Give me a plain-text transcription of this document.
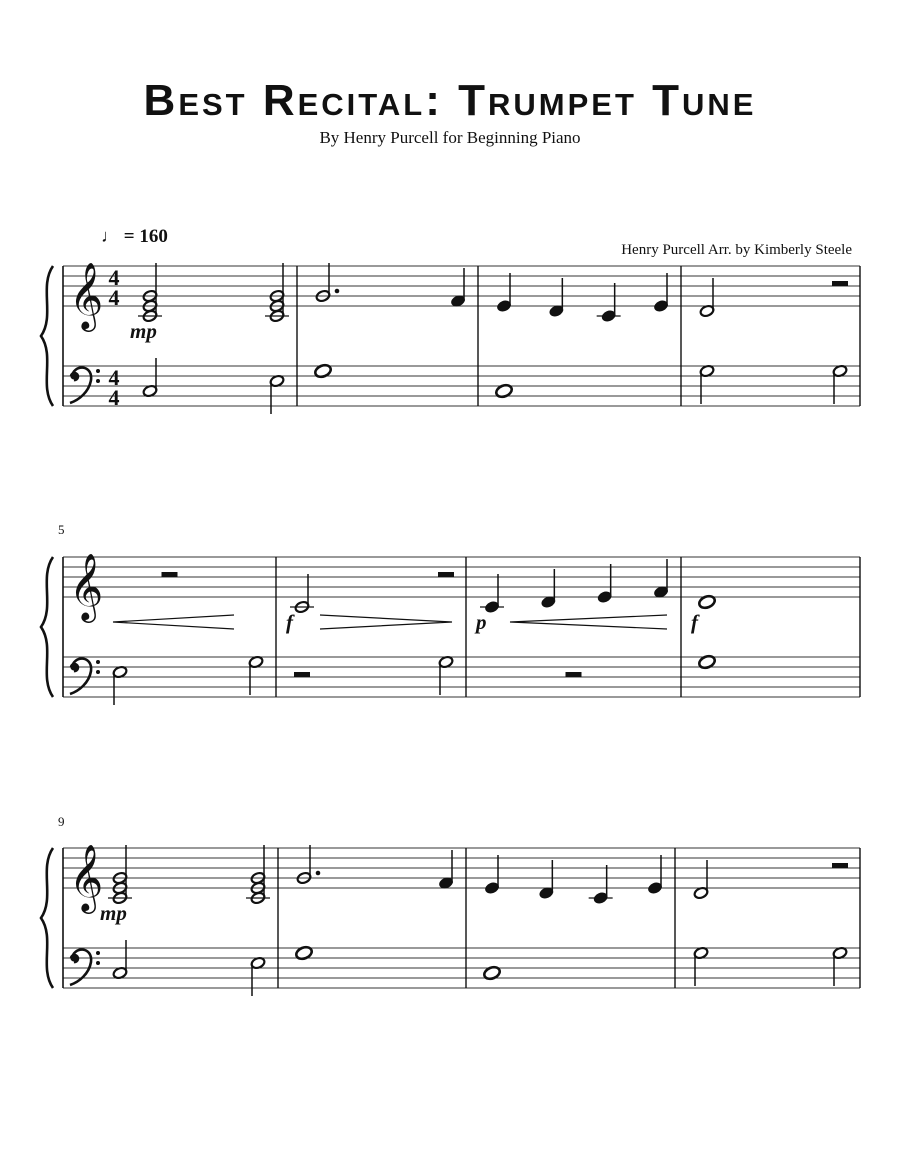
Best Recital: Trumpet Tune
By Henry Purcell for Beginning Piano
♩ = 160
Henry Purcell Arr. by Kimberly Steele
5
9
𝄞 4
4
4
4
mp
𝄞
f	p	f
𝄞
mp
